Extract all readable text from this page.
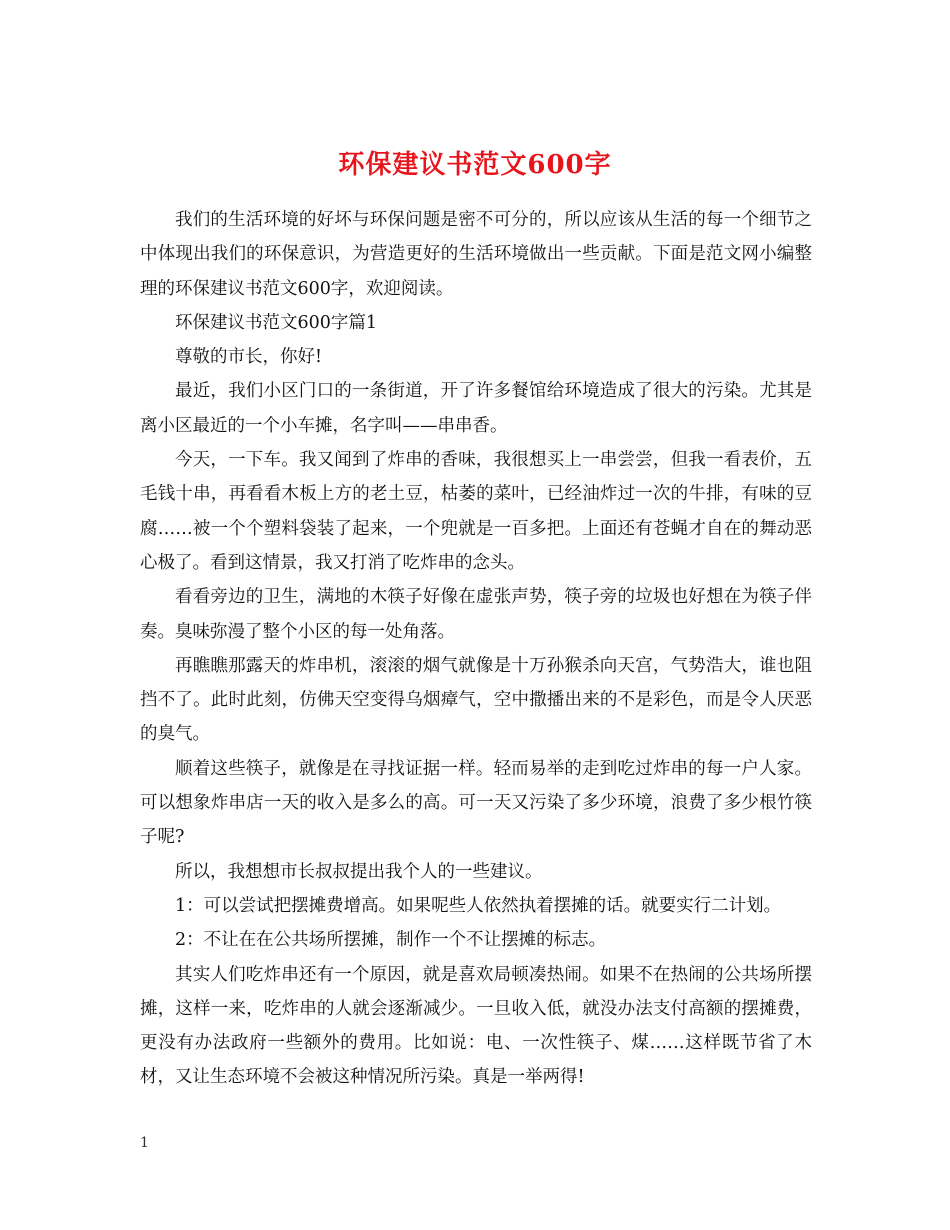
环保建议书范文600字

我们的生活环境的好坏与环保问题是密不可分的，所以应该从生活的每一个细节之中体现出我们的环保意识，为营造更好的生活环境做出一些贡献。下面是范文网小编整理的环保建议书范文600字，欢迎阅读。

环保建议书范文600字篇1

尊敬的市长，你好!

最近，我们小区门口的一条街道，开了许多餐馆给环境造成了很大的污染。尤其是离小区最近的一个小车摊，名字叫——串串香。

今天，一下车。我又闻到了炸串的香味，我很想买上一串尝尝，但我一看表价，五毛钱十串，再看看木板上方的老土豆，枯萎的菜叶，已经油炸过一次的牛排，有味的豆腐……被一个个塑料袋装了起来，一个兜就是一百多把。上面还有苍蝇才自在的舞动恶心极了。看到这情景，我又打消了吃炸串的念头。

看看旁边的卫生，满地的木筷子好像在虚张声势，筷子旁的垃圾也好想在为筷子伴奏。臭味弥漫了整个小区的每一处角落。

再瞧瞧那露天的炸串机，滚滚的烟气就像是十万孙猴杀向天宫，气势浩大，谁也阻挡不了。此时此刻，仿佛天空变得乌烟瘴气，空中撒播出来的不是彩色，而是令人厌恶的臭气。

顺着这些筷子，就像是在寻找证据一样。轻而易举的走到吃过炸串的每一户人家。可以想象炸串店一天的收入是多么的高。可一天又污染了多少环境，浪费了多少根竹筷子呢?

所以，我想想市长叔叔提出我个人的一些建议。

1：可以尝试把摆摊费增高。如果呢些人依然执着摆摊的话。就要实行二计划。

2：不让在在公共场所摆摊，制作一个不让摆摊的标志。

其实人们吃炸串还有一个原因，就是喜欢局顿凑热闹。如果不在热闹的公共场所摆摊，这样一来，吃炸串的人就会逐渐减少。一旦收入低，就没办法支付高额的摆摊费，更没有办法政府一些额外的费用。比如说：电、一次性筷子、煤……这样既节省了木材，又让生态环境不会被这种情况所污染。真是一举两得!

1
